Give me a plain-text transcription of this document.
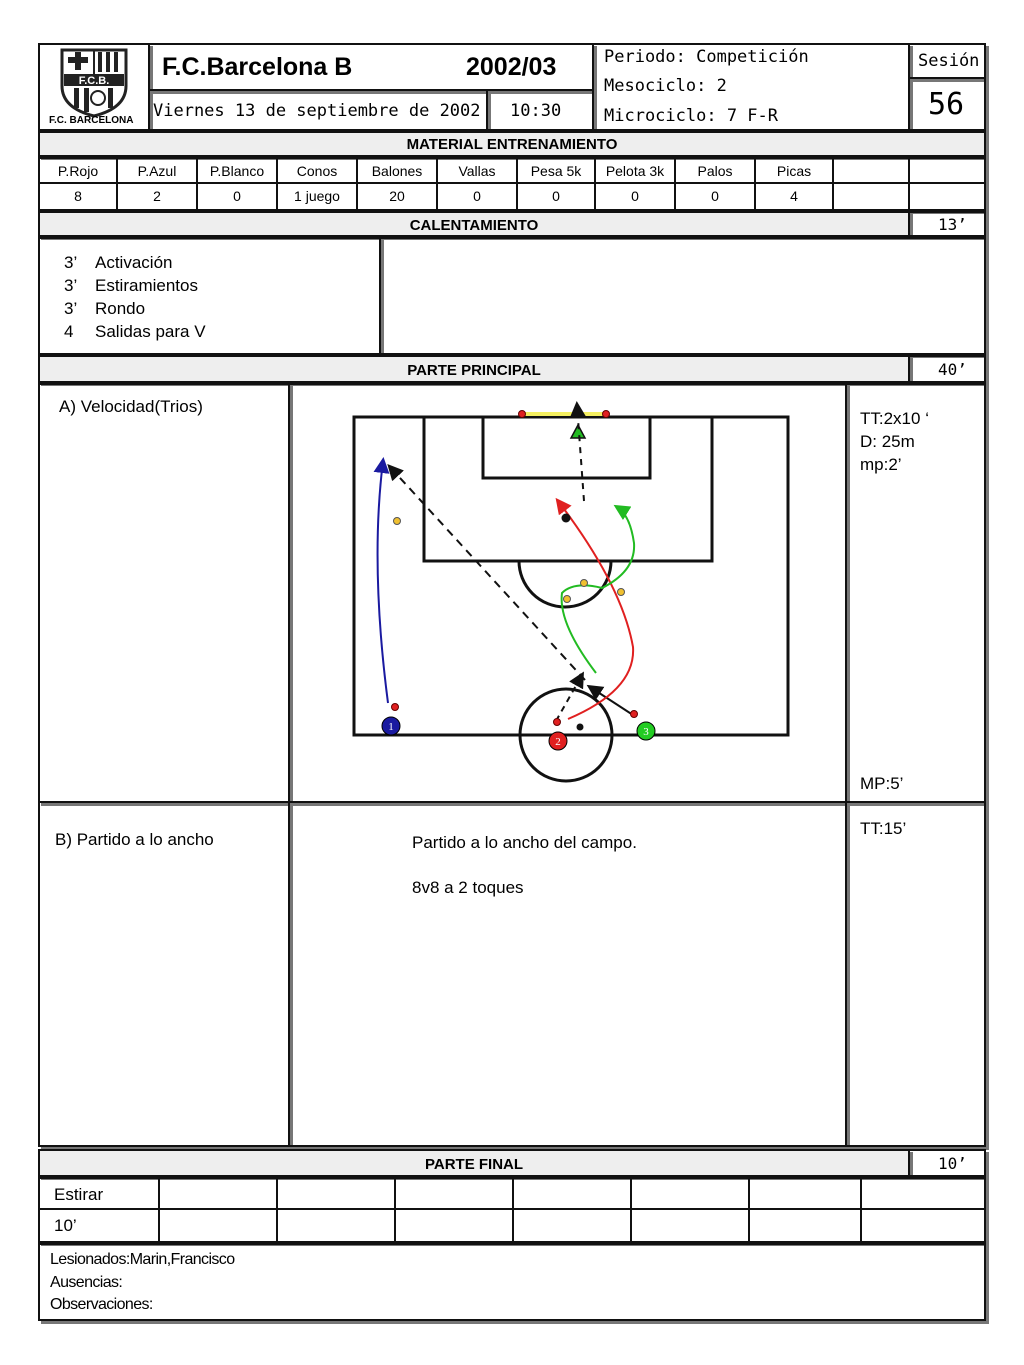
F.C.B.
F.C. BARCELONA
F.C.Barcelona B	2002/03
Viernes 13 de septiembre de 2002 10:30
Periodo: Competición
Mesociclo: 2
Microciclo: 7 F-R
Sesión
56
MATERIAL ENTRENAMIENTO
P.Rojo	P.Azul	P.Blanco	Conos	Balones	Vallas	Pesa 5k	Pelota 3k	Palos	Picas
8	2	0	1 juego	20	0	0	0	0	4
CALENTAMIENTO	13’
3’ Activación
3’ Estiramientos
3’ Rondo
4 Salidas para V
PARTE PRINCIPAL	40’
A) Velocidad(Trios)
1
2
3
TT:2x10 ‘
D: 25m
mp:2’
MP:5’
B) Partido a lo ancho	Partido a lo ancho del campo.
8v8 a 2 toques
TT:15’
PARTE FINAL	10’
Estirar
10’
Lesionados:Marin,Francisco
Ausencias:
Observaciones:
